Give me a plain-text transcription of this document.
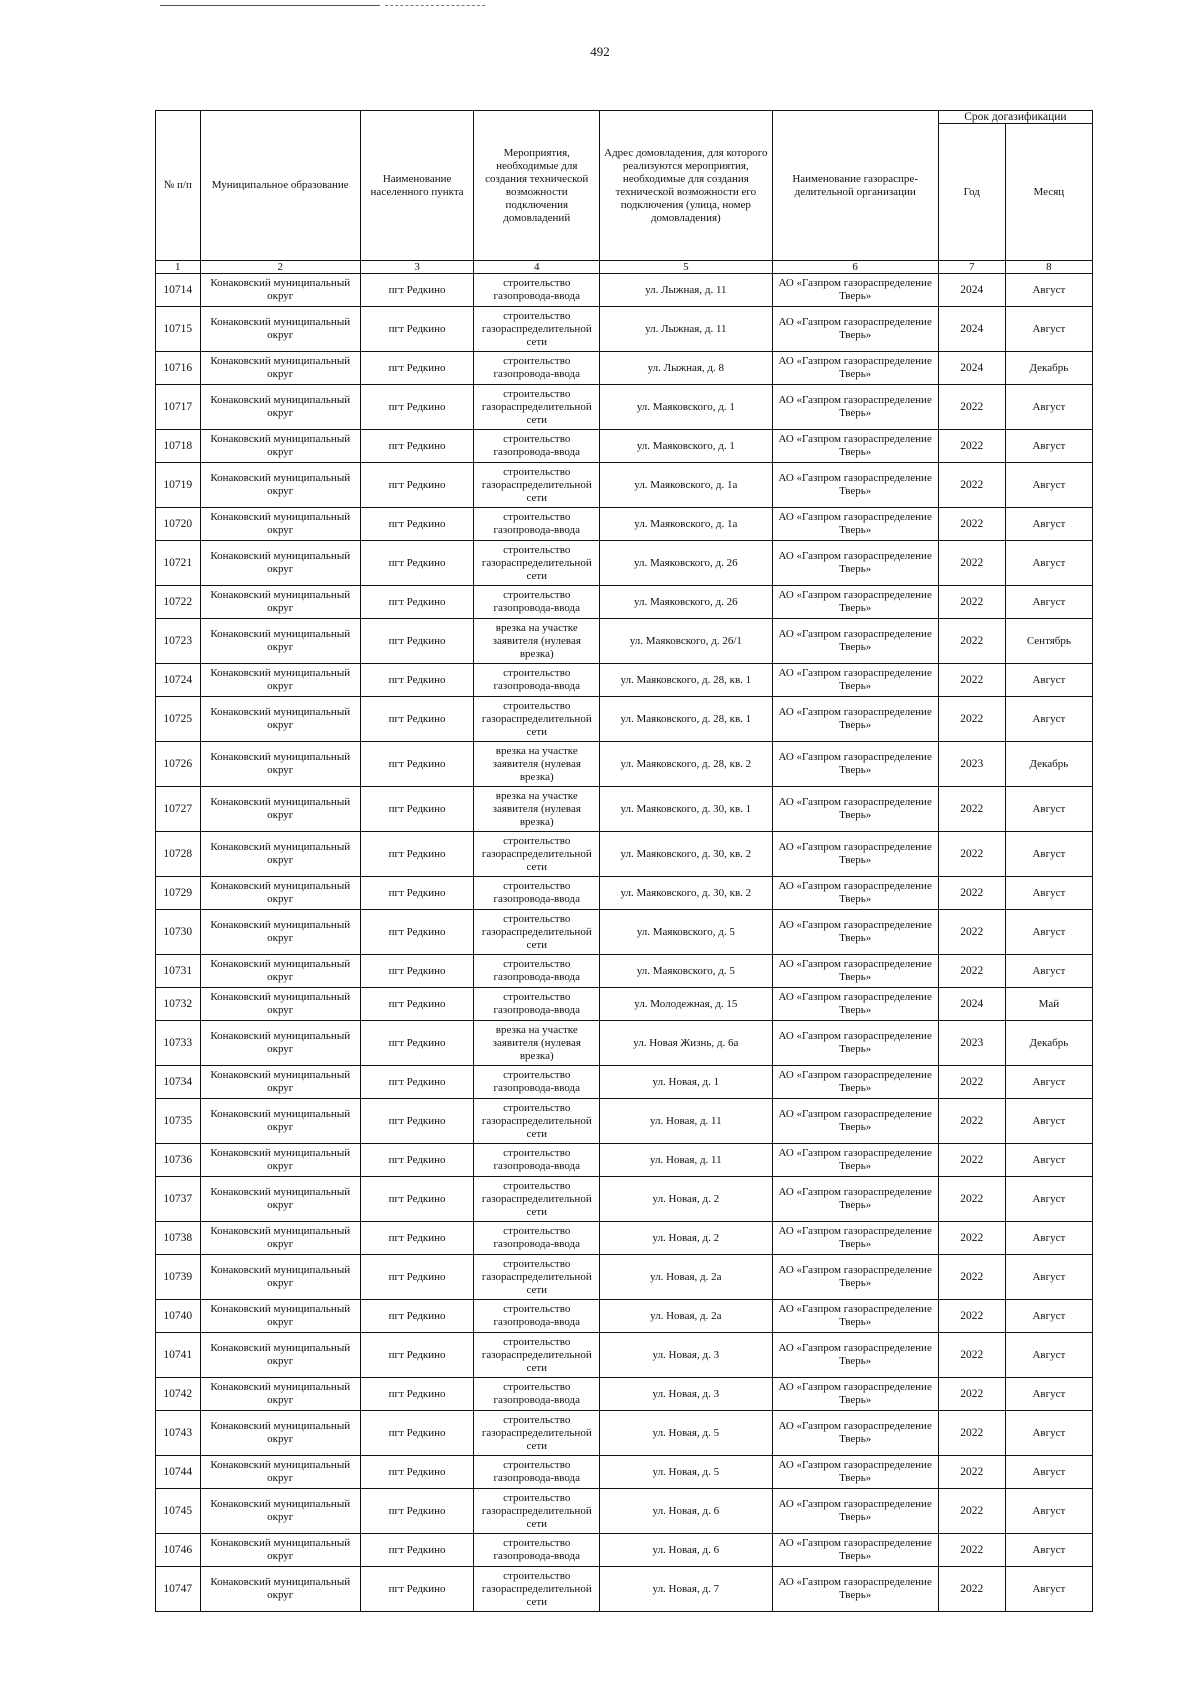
492
№ п/п	Муниципальное образование	Наименование населенного пункта	Мероприятия, необходимые для создания технической возможности подключения домовладений	Адрес домовладения, для которого реализуются мероприятия, необходимые для создания технической возможности его подключения (улица, номер домовладения)	Наименование газораспре-делительной организации	Срок догазификации	
						Год	Месяц
1	2	3	4	5	6	7	8
10714	Конаковский муниципальный округ	пгт Редкино	строительство газопровода-ввода	ул. Лыжная, д. 11	АО «Газпром газораспределение Тверь»	2024	Август
10715	Конаковский муниципальный округ	пгт Редкино	строительство газораспределительной сети	ул. Лыжная, д. 11	АО «Газпром газораспределение Тверь»	2024	Август
10716	Конаковский муниципальный округ	пгт Редкино	строительство газопровода-ввода	ул. Лыжная, д. 8	АО «Газпром газораспределение Тверь»	2024	Декабрь
10717	Конаковский муниципальный округ	пгт Редкино	строительство газораспределительной сети	ул. Маяковского, д. 1	АО «Газпром газораспределение Тверь»	2022	Август
10718	Конаковский муниципальный округ	пгт Редкино	строительство газопровода-ввода	ул. Маяковского, д. 1	АО «Газпром газораспределение Тверь»	2022	Август
10719	Конаковский муниципальный округ	пгт Редкино	строительство газораспределительной сети	ул. Маяковского, д. 1а	АО «Газпром газораспределение Тверь»	2022	Август
10720	Конаковский муниципальный округ	пгт Редкино	строительство газопровода-ввода	ул. Маяковского, д. 1а	АО «Газпром газораспределение Тверь»	2022	Август
10721	Конаковский муниципальный округ	пгт Редкино	строительство газораспределительной сети	ул. Маяковского, д. 26	АО «Газпром газораспределение Тверь»	2022	Август
10722	Конаковский муниципальный округ	пгт Редкино	строительство газопровода-ввода	ул. Маяковского, д. 26	АО «Газпром газораспределение Тверь»	2022	Август
10723	Конаковский муниципальный округ	пгт Редкино	врезка на участке заявителя (нулевая врезка)	ул. Маяковского, д. 26/1	АО «Газпром газораспределение Тверь»	2022	Сентябрь
10724	Конаковский муниципальный округ	пгт Редкино	строительство газопровода-ввода	ул. Маяковского, д. 28, кв. 1	АО «Газпром газораспределение Тверь»	2022	Август
10725	Конаковский муниципальный округ	пгт Редкино	строительство газораспределительной сети	ул. Маяковского, д. 28, кв. 1	АО «Газпром газораспределение Тверь»	2022	Август
10726	Конаковский муниципальный округ	пгт Редкино	врезка на участке заявителя (нулевая врезка)	ул. Маяковского, д. 28, кв. 2	АО «Газпром газораспределение Тверь»	2023	Декабрь
10727	Конаковский муниципальный округ	пгт Редкино	врезка на участке заявителя (нулевая врезка)	ул. Маяковского, д. 30, кв. 1	АО «Газпром газораспределение Тверь»	2022	Август
10728	Конаковский муниципальный округ	пгт Редкино	строительство газораспределительной сети	ул. Маяковского, д. 30, кв. 2	АО «Газпром газораспределение Тверь»	2022	Август
10729	Конаковский муниципальный округ	пгт Редкино	строительство газопровода-ввода	ул. Маяковского, д. 30, кв. 2	АО «Газпром газораспределение Тверь»	2022	Август
10730	Конаковский муниципальный округ	пгт Редкино	строительство газораспределительной сети	ул. Маяковского, д. 5	АО «Газпром газораспределение Тверь»	2022	Август
10731	Конаковский муниципальный округ	пгт Редкино	строительство газопровода-ввода	ул. Маяковского, д. 5	АО «Газпром газораспределение Тверь»	2022	Август
10732	Конаковский муниципальный округ	пгт Редкино	строительство газопровода-ввода	ул. Молодежная, д. 15	АО «Газпром газораспределение Тверь»	2024	Май
10733	Конаковский муниципальный округ	пгт Редкино	врезка на участке заявителя (нулевая врезка)	ул. Новая Жизнь, д. 6а	АО «Газпром газораспределение Тверь»	2023	Декабрь
10734	Конаковский муниципальный округ	пгт Редкино	строительство газопровода-ввода	ул. Новая, д. 1	АО «Газпром газораспределение Тверь»	2022	Август
10735	Конаковский муниципальный округ	пгт Редкино	строительство газораспределительной сети	ул. Новая, д. 11	АО «Газпром газораспределение Тверь»	2022	Август
10736	Конаковский муниципальный округ	пгт Редкино	строительство газопровода-ввода	ул. Новая, д. 11	АО «Газпром газораспределение Тверь»	2022	Август
10737	Конаковский муниципальный округ	пгт Редкино	строительство газораспределительной сети	ул. Новая, д. 2	АО «Газпром газораспределение Тверь»	2022	Август
10738	Конаковский муниципальный округ	пгт Редкино	строительство газопровода-ввода	ул. Новая, д. 2	АО «Газпром газораспределение Тверь»	2022	Август
10739	Конаковский муниципальный округ	пгт Редкино	строительство газораспределительной сети	ул. Новая, д. 2а	АО «Газпром газораспределение Тверь»	2022	Август
10740	Конаковский муниципальный округ	пгт Редкино	строительство газопровода-ввода	ул. Новая, д. 2а	АО «Газпром газораспределение Тверь»	2022	Август
10741	Конаковский муниципальный округ	пгт Редкино	строительство газораспределительной сети	ул. Новая, д. 3	АО «Газпром газораспределение Тверь»	2022	Август
10742	Конаковский муниципальный округ	пгт Редкино	строительство газопровода-ввода	ул. Новая, д. 3	АО «Газпром газораспределение Тверь»	2022	Август
10743	Конаковский муниципальный округ	пгт Редкино	строительство газораспределительной сети	ул. Новая, д. 5	АО «Газпром газораспределение Тверь»	2022	Август
10744	Конаковский муниципальный округ	пгт Редкино	строительство газопровода-ввода	ул. Новая, д. 5	АО «Газпром газораспределение Тверь»	2022	Август
10745	Конаковский муниципальный округ	пгт Редкино	строительство газораспределительной сети	ул. Новая, д. 6	АО «Газпром газораспределение Тверь»	2022	Август
10746	Конаковский муниципальный округ	пгт Редкино	строительство газопровода-ввода	ул. Новая, д. 6	АО «Газпром газораспределение Тверь»	2022	Август
10747	Конаковский муниципальный округ	пгт Редкино	строительство газораспределительной сети	ул. Новая, д. 7	АО «Газпром газораспределение Тверь»	2022	Август
